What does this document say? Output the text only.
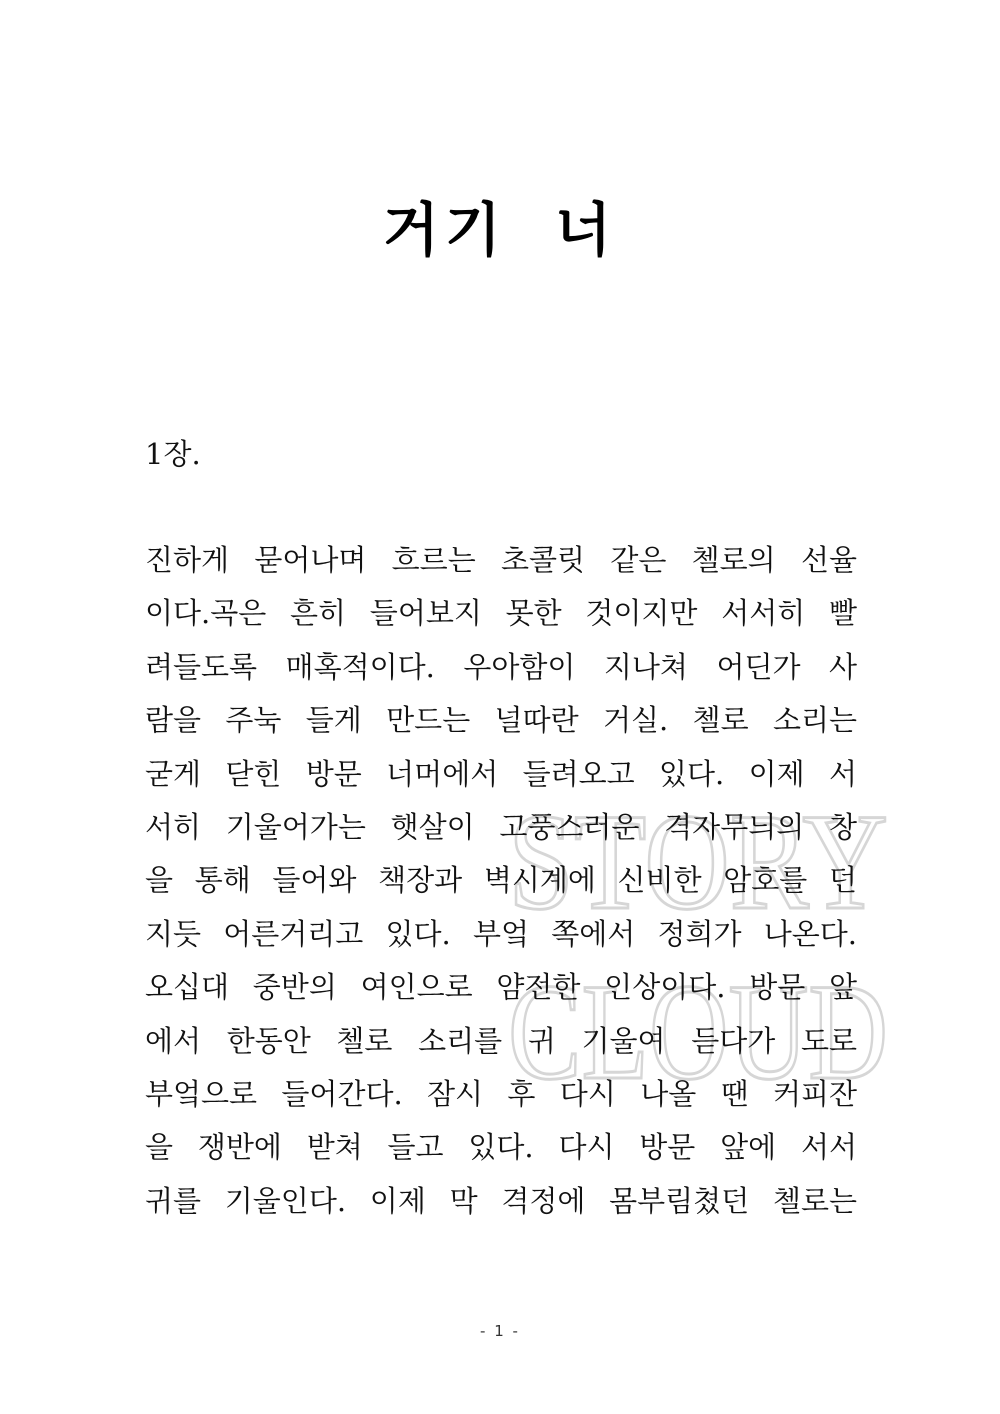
STORY
CLOUD
거기 너
1장.
진하게 묻어나며 흐르는 초콜릿 같은 첼로의 선율
이다.곡은 흔히 들어보지 못한 것이지만 서서히 빨
려들도록 매혹적이다. 우아함이 지나쳐 어딘가 사
람을 주눅 들게 만드는 널따란 거실. 첼로 소리는
굳게 닫힌 방문 너머에서 들려오고 있다. 이제 서
서히 기울어가는 햇살이 고풍스러운 격자무늬의 창
을 통해 들어와 책장과 벽시계에 신비한 암호를 던
지듯 어른거리고 있다. 부엌 쪽에서 정희가 나온다.
오십대 중반의 여인으로 얌전한 인상이다. 방문 앞
에서 한동안 첼로 소리를 귀 기울여 듣다가 도로
부엌으로 들어간다. 잠시 후 다시 나올 땐 커피잔
을 쟁반에 받쳐 들고 있다. 다시 방문 앞에 서서
귀를 기울인다. 이제 막 격정에 몸부림쳤던 첼로는
- 1 -
